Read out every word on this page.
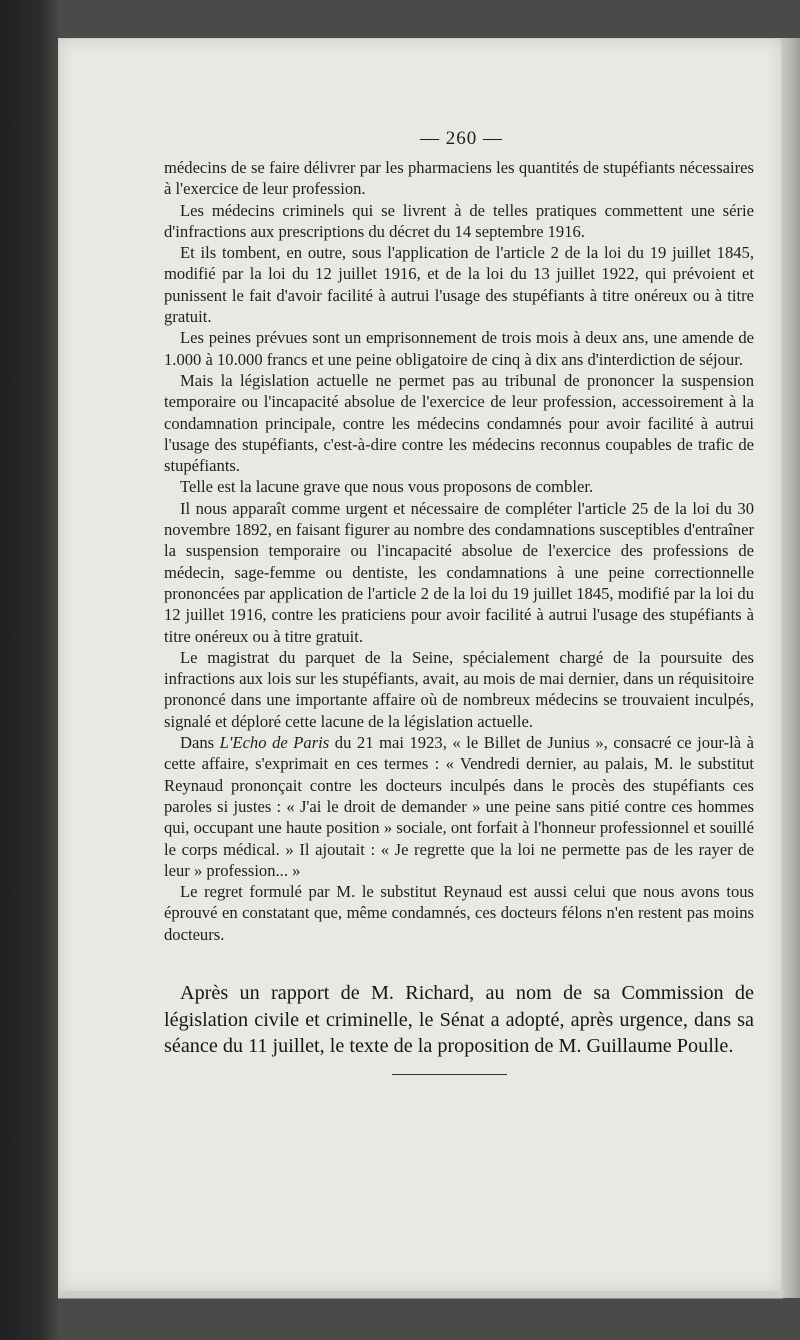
— 260 —

médecins de se faire délivrer par les pharmaciens les quantités de stupéfiants nécessaires à l'exercice de leur profession.

Les médecins criminels qui se livrent à de telles pratiques commettent une série d'infractions aux prescriptions du décret du 14 septembre 1916.

Et ils tombent, en outre, sous l'application de l'article 2 de la loi du 19 juillet 1845, modifié par la loi du 12 juillet 1916, et de la loi du 13 juillet 1922, qui prévoient et punissent le fait d'avoir facilité à autrui l'usage des stupéfiants à titre onéreux ou à titre gratuit.

Les peines prévues sont un emprisonnement de trois mois à deux ans, une amende de 1.000 à 10.000 francs et une peine obligatoire de cinq à dix ans d'interdiction de séjour.

Mais la législation actuelle ne permet pas au tribunal de prononcer la suspension temporaire ou l'incapacité absolue de l'exercice de leur profession, accessoirement à la condamnation principale, contre les médecins condamnés pour avoir facilité à autrui l'usage des stupéfiants, c'est-à-dire contre les médecins reconnus coupables de trafic de stupéfiants.

Telle est la lacune grave que nous vous proposons de combler.

Il nous apparaît comme urgent et nécessaire de compléter l'article 25 de la loi du 30 novembre 1892, en faisant figurer au nombre des condamnations susceptibles d'entraîner la suspension temporaire ou l'incapacité absolue de l'exercice des professions de médecin, sage-femme ou dentiste, les condamnations à une peine correctionnelle prononcées par application de l'article 2 de la loi du 19 juillet 1845, modifié par la loi du 12 juillet 1916, contre les praticiens pour avoir facilité à autrui l'usage des stupéfiants à titre onéreux ou à titre gratuit.

Le magistrat du parquet de la Seine, spécialement chargé de la poursuite des infractions aux lois sur les stupéfiants, avait, au mois de mai dernier, dans un réquisitoire prononcé dans une importante affaire où de nombreux médecins se trouvaient inculpés, signalé et déploré cette lacune de la législation actuelle.

Dans L'Echo de Paris du 21 mai 1923, « le Billet de Junius », consacré ce jour-là à cette affaire, s'exprimait en ces termes : « Vendredi dernier, au palais, M. le substitut Reynaud prononçait contre les docteurs inculpés dans le procès des stupéfiants ces paroles si justes : « J'ai le droit de demander » une peine sans pitié contre ces hommes qui, occupant une haute position » sociale, ont forfait à l'honneur professionnel et souillé le corps médical. » Il ajoutait : « Je regrette que la loi ne permette pas de les rayer de leur » profession... »

Le regret formulé par M. le substitut Reynaud est aussi celui que nous avons tous éprouvé en constatant que, même condamnés, ces docteurs félons n'en restent pas moins docteurs.

Après un rapport de M. Richard, au nom de sa Commission de législation civile et criminelle, le Sénat a adopté, après urgence, dans sa séance du 11 juillet, le texte de la proposition de M. Guillaume Poulle.
